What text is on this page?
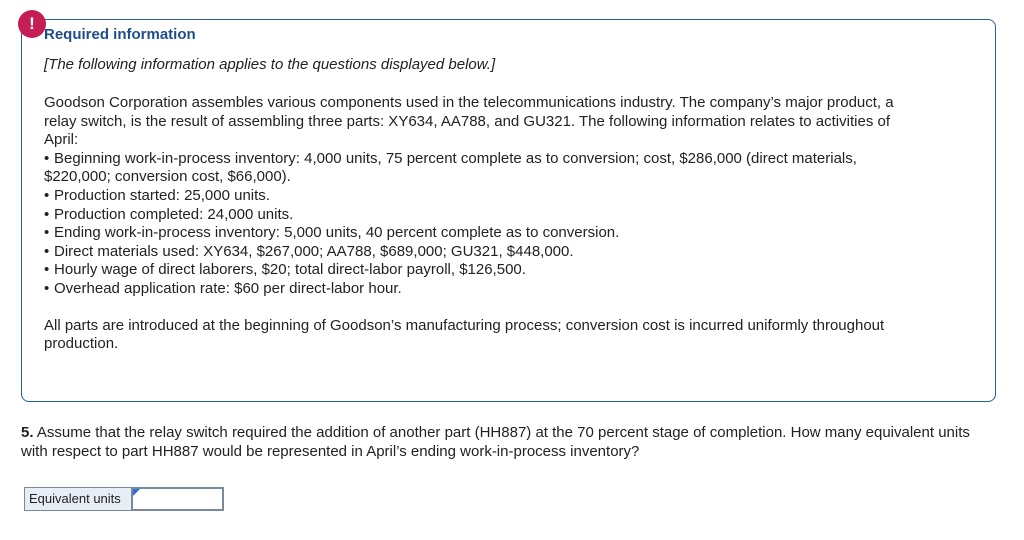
!
Required information

[The following information applies to the questions displayed below.]

Goodson Corporation assembles various components used in the telecommunications industry. The company’s major product, a relay switch, is the result of assembling three parts: XY634, AA788, and GU321. The following information relates to activities of April:

• Beginning work-in-process inventory: 4,000 units, 75 percent complete as to conversion; cost, $286,000 (direct materials, $220,000; conversion cost, $66,000).
• Production started: 25,000 units.
• Production completed: 24,000 units.
• Ending work-in-process inventory: 5,000 units, 40 percent complete as to conversion.
• Direct materials used: XY634, $267,000; AA788, $689,000; GU321, $448,000.
• Hourly wage of direct laborers, $20; total direct-labor payroll, $126,500.
• Overhead application rate: $60 per direct-labor hour.

All parts are introduced at the beginning of Goodson’s manufacturing process; conversion cost is incurred uniformly throughout production.

5. Assume that the relay switch required the addition of another part (HH887) at the 70 percent stage of completion. How many equivalent units with respect to part HH887 would be represented in April’s ending work-in-process inventory?

Equivalent units
